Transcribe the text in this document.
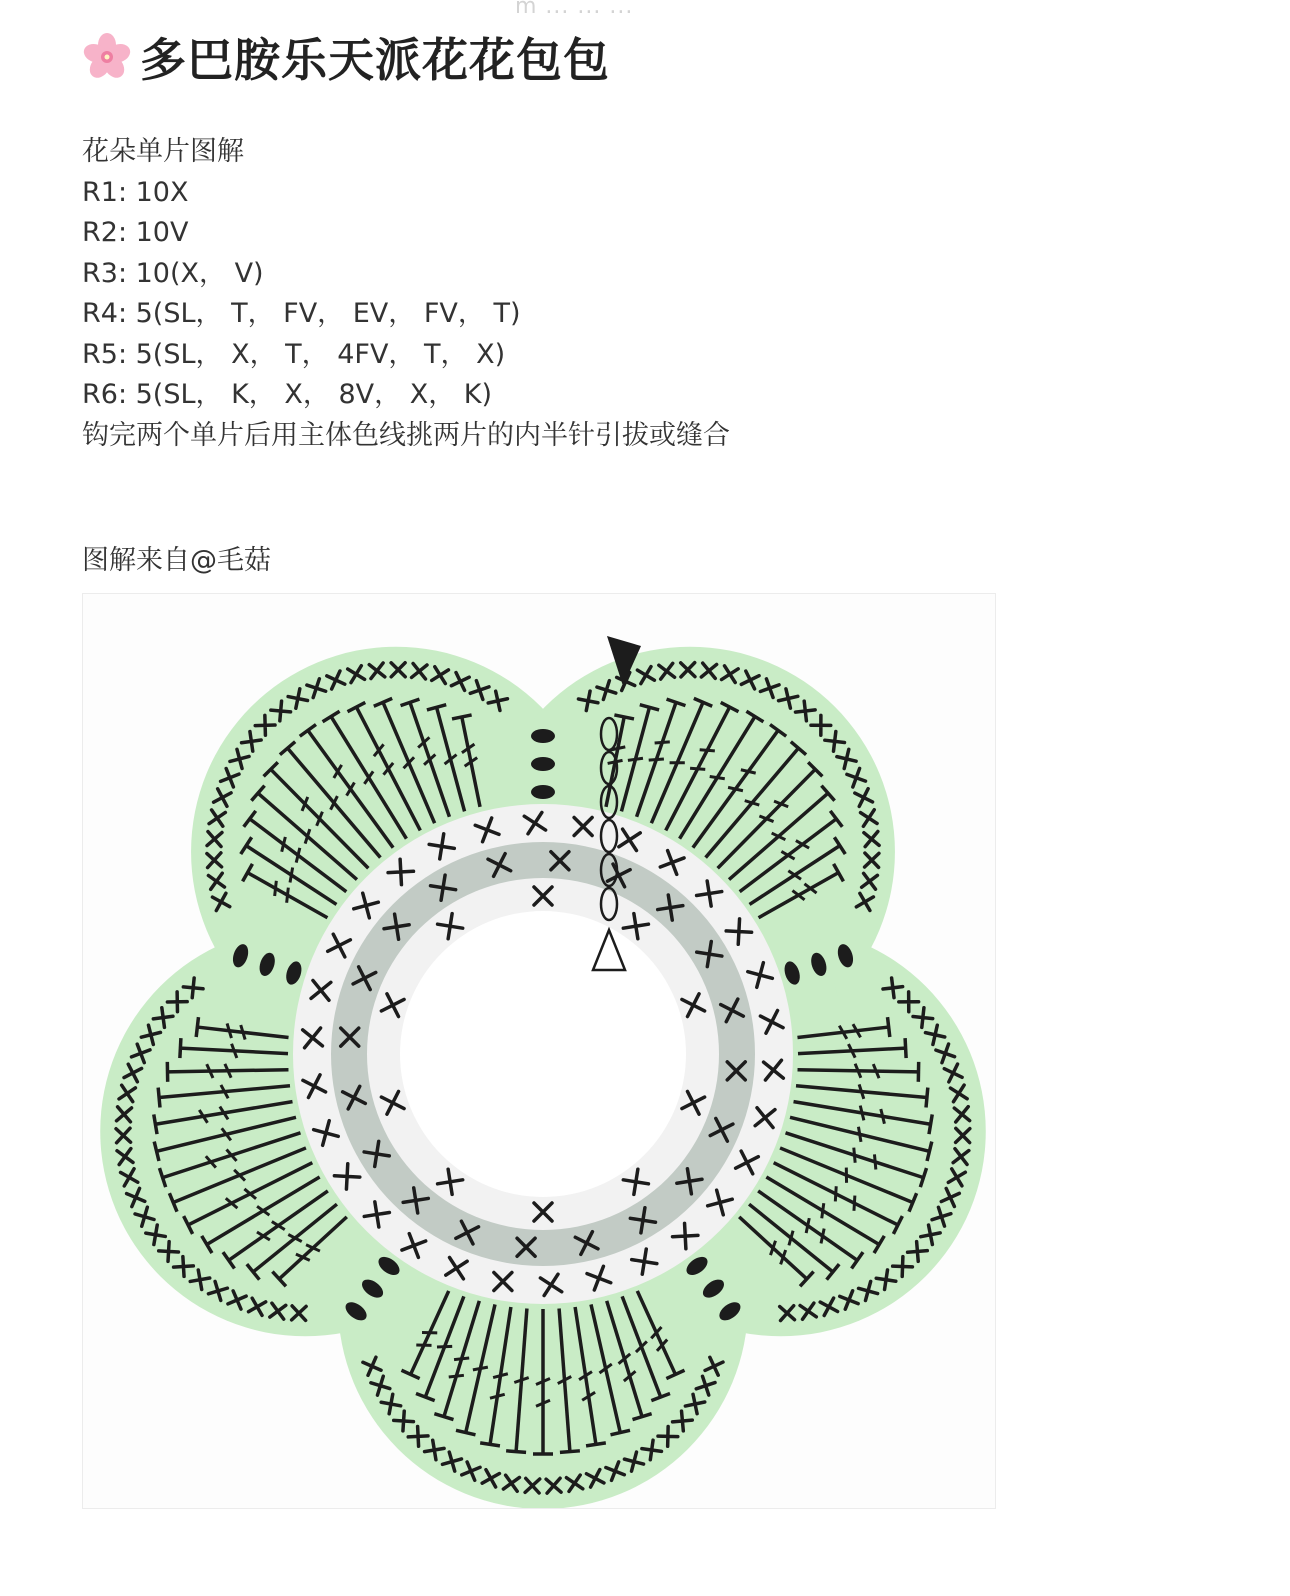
m ... ... ...
多巴胺乐天派花花包包
花朵单片图解
R1: 10X
R2: 10V
R3: 10(X， V)
R4: 5(SL， T， FV， EV， FV， T)
R5: 5(SL， X， T， 4FV， T， X)
R6: 5(SL， K， X， 8V， X， K)
钩完两个单片后用主体色线挑两片的内半针引拔或缝合
图解来自@毛菇
